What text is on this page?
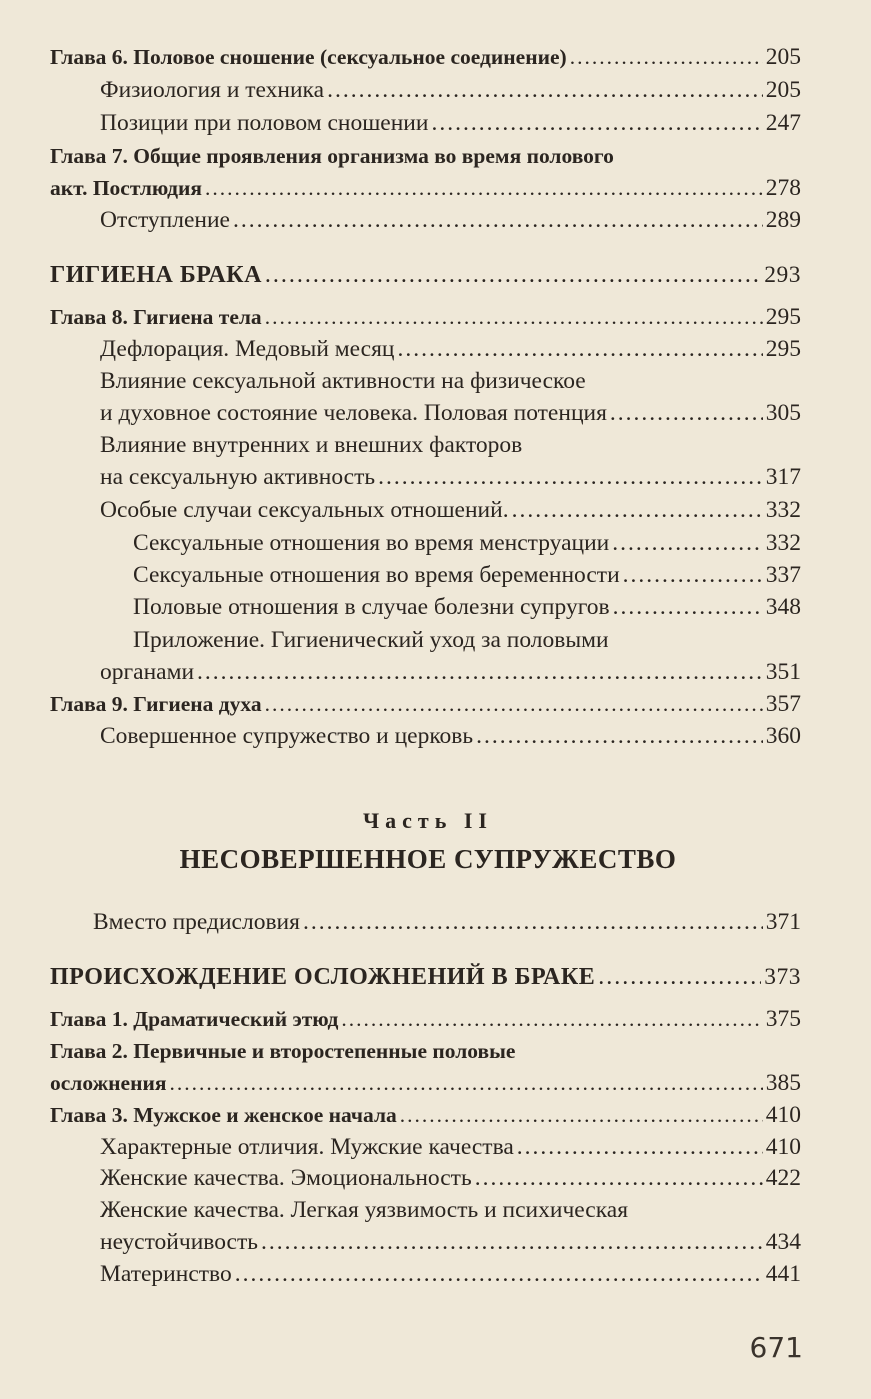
Глава 6. Половое сношение (сексуальное соединение) .....	205
Физиология и техника .....	205
Позиции при половом сношении .....	247
Глава 7. Общие проявления организма во время полового
акт. Постлюдия .....	278
Отступление .....	289
ГИГИЕНА БРАКА .....	293
Глава 8. Гигиена тела .....	295
Дефлорация. Медовый месяц .....	295
Влияние сексуальной активности на физическое
и духовное состояние человека. Половая потенция .....	305
Влияние внутренних и внешних факторов
на сексуальную активность .....	317
Особые случаи сексуальных отношений. .....	332
Сексуальные отношения во время менструации .....	332
Сексуальные отношения во время беременности .....	337
Половые отношения в случае болезни супругов .....	348
Приложение. Гигиенический уход за половыми
органами .....	351
Глава 9. Гигиена духа .....	357
Совершенное супружество и церковь .....	360
Часть II
НЕСОВЕРШЕННОЕ СУПРУЖЕСТВО
Вместо предисловия .....	371
ПРОИСХОЖДЕНИЕ ОСЛОЖНЕНИЙ В БРАКЕ .....	373
Глава 1. Драматический этюд .....	375
Глава 2. Первичные и второстепенные половые
осложнения .....	385
Глава 3. Мужское и женское начала .....	410
Характерные отличия. Мужские качества .....	410
Женские качества. Эмоциональность .....	422
Женские качества. Легкая уязвимость и психическая
неустойчивость .....	434
Материнство .....	441
671
